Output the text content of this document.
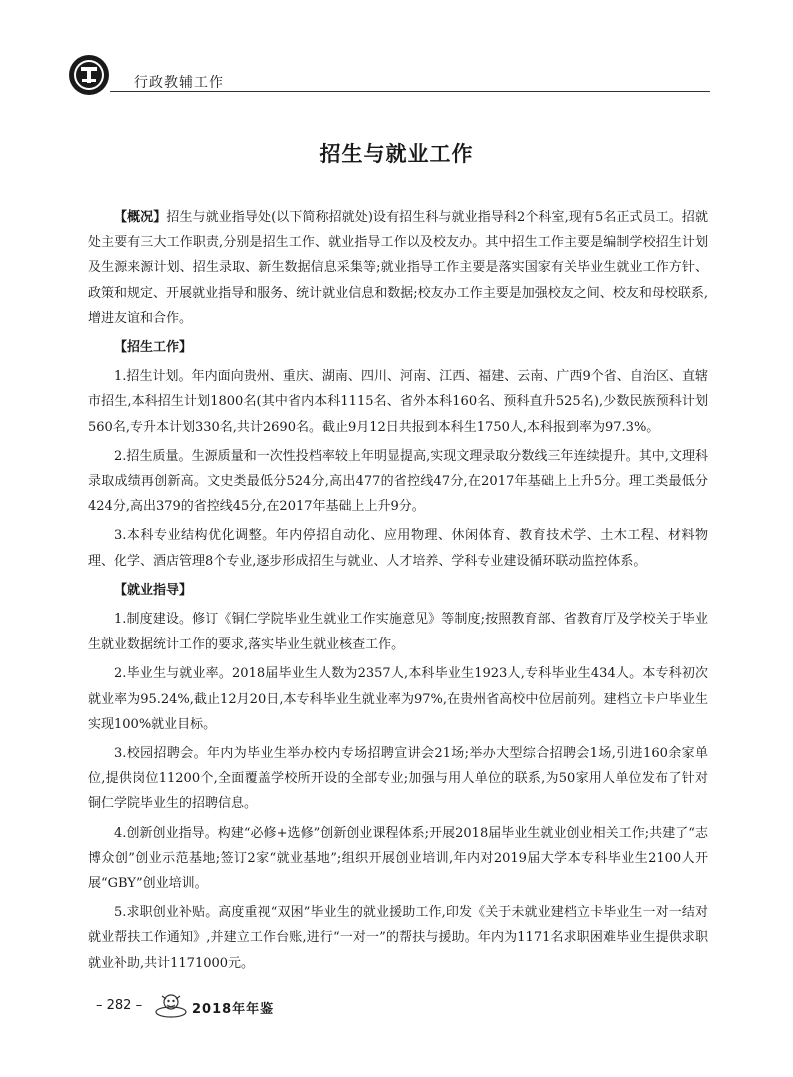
行政教辅工作
招生与就业工作

【概况】招生与就业指导处(以下简称招就处)设有招生科与就业指导科2个科室,现有5名正式员工。招就处主要有三大工作职责,分别是招生工作、就业指导工作以及校友办。其中招生工作主要是编制学校招生计划及生源来源计划、招生录取、新生数据信息采集等;就业指导工作主要是落实国家有关毕业生就业工作方针、政策和规定、开展就业指导和服务、统计就业信息和数据;校友办工作主要是加强校友之间、校友和母校联系,增进友谊和合作。

【招生工作】

1.招生计划。年内面向贵州、重庆、湖南、四川、河南、江西、福建、云南、广西9个省、自治区、直辖市招生,本科招生计划1800名(其中省内本科1115名、省外本科160名、预科直升525名),少数民族预科计划560名,专升本计划330名,共计2690名。截止9月12日共报到本科生1750人,本科报到率为97.3%。

2.招生质量。生源质量和一次性投档率较上年明显提高,实现文理录取分数线三年连续提升。其中,文理科录取成绩再创新高。文史类最低分524分,高出477的省控线47分,在2017年基础上上升5分。理工类最低分424分,高出379的省控线45分,在2017年基础上上升9分。

3.本科专业结构优化调整。年内停招自动化、应用物理、休闲体育、教育技术学、土木工程、材料物理、化学、酒店管理8个专业,逐步形成招生与就业、人才培养、学科专业建设循环联动监控体系。

【就业指导】

1.制度建设。修订《铜仁学院毕业生就业工作实施意见》等制度;按照教育部、省教育厅及学校关于毕业生就业数据统计工作的要求,落实毕业生就业核查工作。

2.毕业生与就业率。2018届毕业生人数为2357人,本科毕业生1923人,专科毕业生434人。本专科初次就业率为95.24%,截止12月20日,本专科毕业生就业率为97%,在贵州省高校中位居前列。建档立卡户毕业生实现100%就业目标。

3.校园招聘会。年内为毕业生举办校内专场招聘宣讲会21场;举办大型综合招聘会1场,引进160余家单位,提供岗位11200个,全面覆盖学校所开设的全部专业;加强与用人单位的联系,为50家用人单位发布了针对铜仁学院毕业生的招聘信息。

4.创新创业指导。构建“必修+选修”创新创业课程体系;开展2018届毕业生就业创业相关工作;共建了“志博众创”创业示范基地;签订2家“就业基地”;组织开展创业培训,年内对2019届大学本专科毕业生2100人开展“GBY”创业培训。

5.求职创业补贴。高度重视“双困”毕业生的就业援助工作,印发《关于未就业建档立卡毕业生一对一结对就业帮扶工作通知》,并建立工作台账,进行“一对一”的帮扶与援助。年内为1171名求职困难毕业生提供求职就业补助,共计1171000元。

– 282 –	2018年年鉴
